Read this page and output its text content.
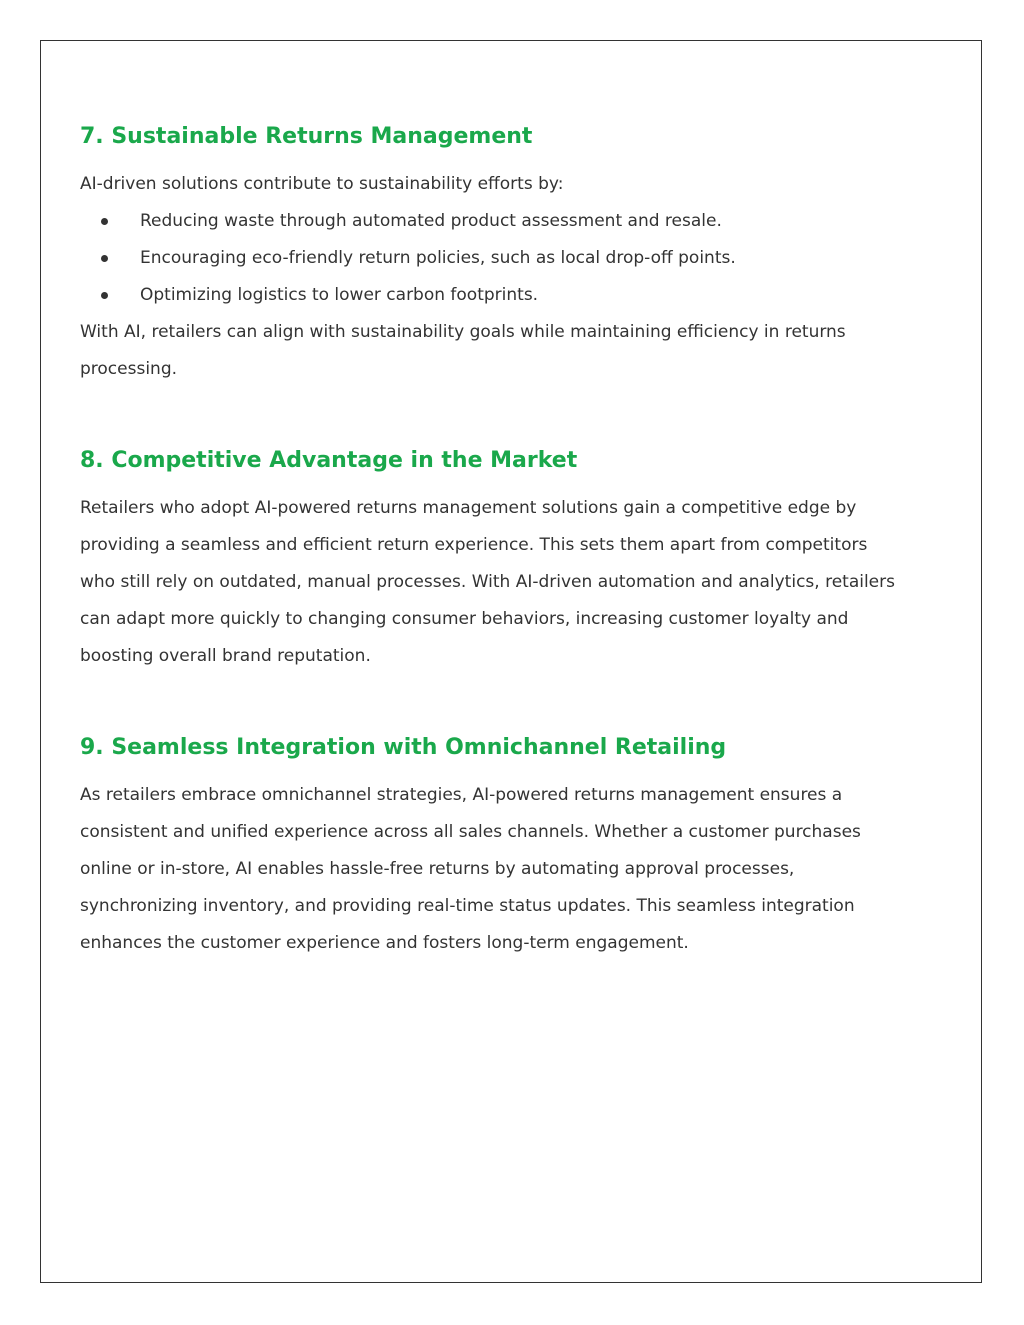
7. Sustainable Returns Management

AI-driven solutions contribute to sustainability efforts by:

Reducing waste through automated product assessment and resale.
Encouraging eco-friendly return policies, such as local drop-off points.
Optimizing logistics to lower carbon footprints.

With AI, retailers can align with sustainability goals while maintaining efficiency in returns processing.

8. Competitive Advantage in the Market

Retailers who adopt AI-powered returns management solutions gain a competitive edge by providing a seamless and efficient return experience. This sets them apart from competitors who still rely on outdated, manual processes. With AI-driven automation and analytics, retailers can adapt more quickly to changing consumer behaviors, increasing customer loyalty and boosting overall brand reputation.

9. Seamless Integration with Omnichannel Retailing

As retailers embrace omnichannel strategies, AI-powered returns management ensures a consistent and unified experience across all sales channels. Whether a customer purchases online or in-store, AI enables hassle-free returns by automating approval processes, synchronizing inventory, and providing real-time status updates. This seamless integration enhances the customer experience and fosters long-term engagement.
